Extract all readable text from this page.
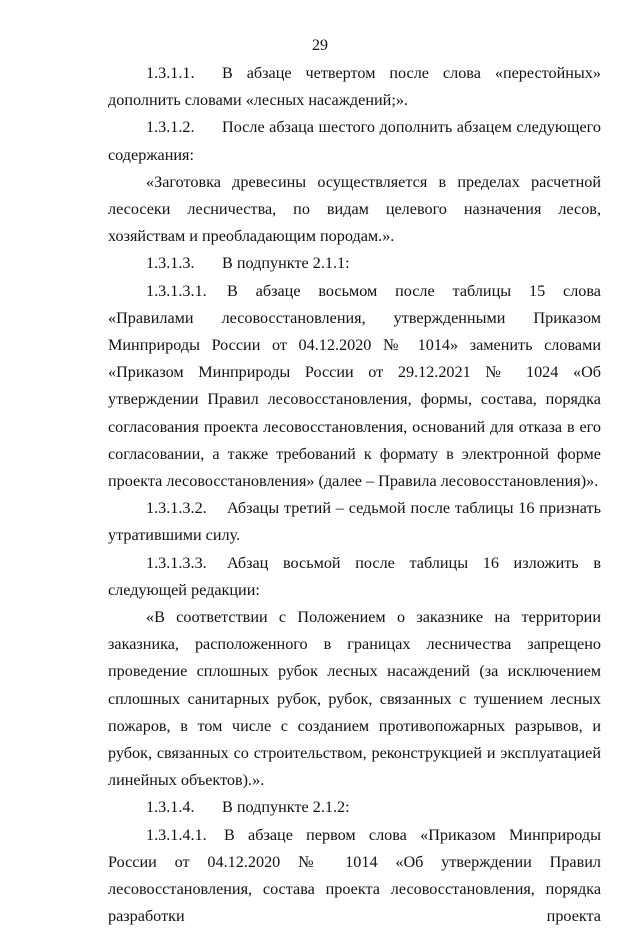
29

1.3.1.1. В абзаце четвертом после слова «перестойных» дополнить словами «лесных насаждений;».

1.3.1.2. После абзаца шестого дополнить абзацем следующего содержания:

«Заготовка древесины осуществляется в пределах расчетной лесосеки лесничества, по видам целевого назначения лесов, хозяйствам и преобладающим породам.».

1.3.1.3. В подпункте 2.1.1:

1.3.1.3.1. В абзаце восьмом после таблицы 15 слова «Правилами лесовосстановления, утвержденными Приказом Минприроды России от 04.12.2020 № 1014» заменить словами «Приказом Минприроды России от 29.12.2021 № 1024 «Об утверждении Правил лесовосстановления, формы, состава, порядка согласования проекта лесовосстановления, оснований для отказа в его согласовании, а также требований к формату в электроннoй форме проекта лесовосстановления» (далее – Правила лесовосстановления)».

1.3.1.3.2. Абзацы третий – седьмой после таблицы 16 признать утратившими силу.

1.3.1.3.3. Абзац восьмой после таблицы 16 изложить в следующей редакции:

«В соответствии с Положением о заказнике на территории заказника, расположенного в границах лесничества запрещено проведение сплошных рубок лесных насаждений (за исключением сплошных санитарных рубок, рубок, связанных с тушением лесных пожаров, в том числе с созданием противопожарных разрывов, и рубок, связанных со строительством, реконструкцией и эксплуатацией линейных объектов).».

1.3.1.4. В подпункте 2.1.2:

1.3.1.4.1. В абзаце первом слова «Приказом Минприроды России от 04.12.2020 № 1014 «Об утверждении Правил лесовосстановления, состава проекта лесовосстановления, порядка разработки проекта
